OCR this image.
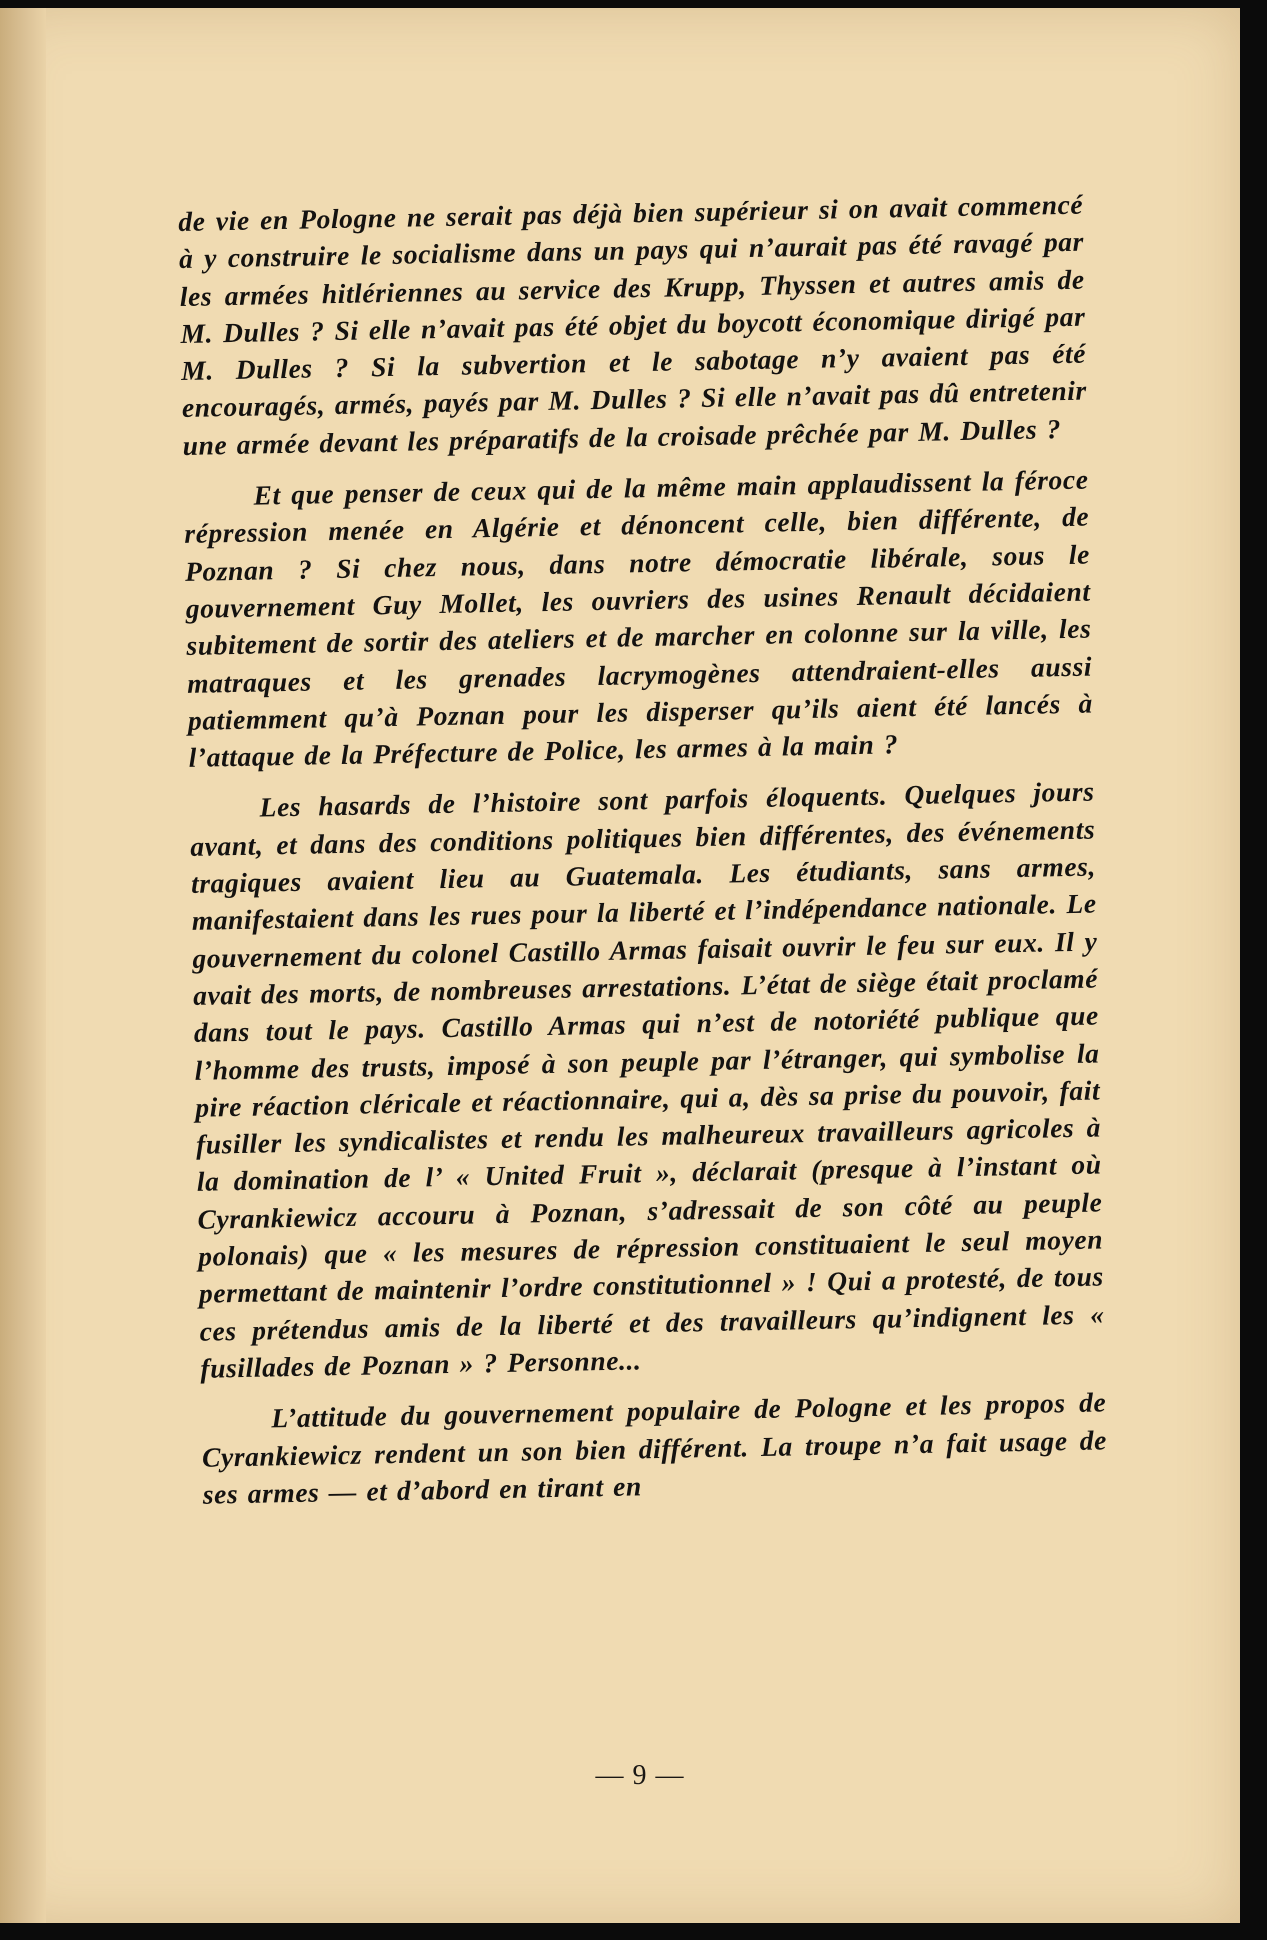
de vie en Pologne ne serait pas déjà bien supérieur si on avait commencé à y construire le socialisme dans un pays qui n’aurait pas été ravagé par les armées hitlériennes au service des Krupp, Thyssen et autres amis de M. Dulles ? Si elle n’avait pas été objet du boycott économique dirigé par M. Dulles ? Si la subvertion et le sabotage n’y avaient pas été encouragés, armés, payés par M. Dulles ? Si elle n’avait pas dû entretenir une armée devant les préparatifs de la croisade prêchée par M. Dulles ?

Et que penser de ceux qui de la même main applaudissent la féroce répression menée en Algérie et dénoncent celle, bien différente, de Poznan ? Si chez nous, dans notre démocratie libérale, sous le gouvernement Guy Mollet, les ouvriers des usines Renault décidaient subitement de sortir des ateliers et de marcher en colonne sur la ville, les matraques et les grenades lacrymogènes attendraient-elles aussi patiemment qu’à Poznan pour les disperser qu’ils aient été lancés à l’attaque de la Préfecture de Police, les armes à la main ?

Les hasards de l’histoire sont parfois éloquents. Quelques jours avant, et dans des conditions politiques bien différentes, des événements tragiques avaient lieu au Guatemala. Les étudiants, sans armes, manifestaient dans les rues pour la liberté et l’indépendance nationale. Le gouvernement du colonel Castillo Armas faisait ouvrir le feu sur eux. Il y avait des morts, de nombreuses arrestations. L’état de siège était proclamé dans tout le pays. Castillo Armas qui n’est de notoriété publique que l’homme des trusts, imposé à son peuple par l’étranger, qui symbolise la pire réaction cléricale et réactionnaire, qui a, dès sa prise du pouvoir, fait fusiller les syndicalistes et rendu les malheureux travailleurs agricoles à la domination de l’ « United Fruit », déclarait (presque à l’instant où Cyrankiewicz accouru à Poznan, s’adressait de son côté au peuple polonais) que « les mesures de répression constituaient le seul moyen permettant de maintenir l’ordre constitutionnel » ! Qui a protesté, de tous ces prétendus amis de la liberté et des travailleurs qu’indignent les « fusillades de Poznan » ? Personne...

L’attitude du gouvernement populaire de Pologne et les propos de Cyrankiewicz rendent un son bien différent. La troupe n’a fait usage de ses armes — et d’abord en tirant en

— 9 —
